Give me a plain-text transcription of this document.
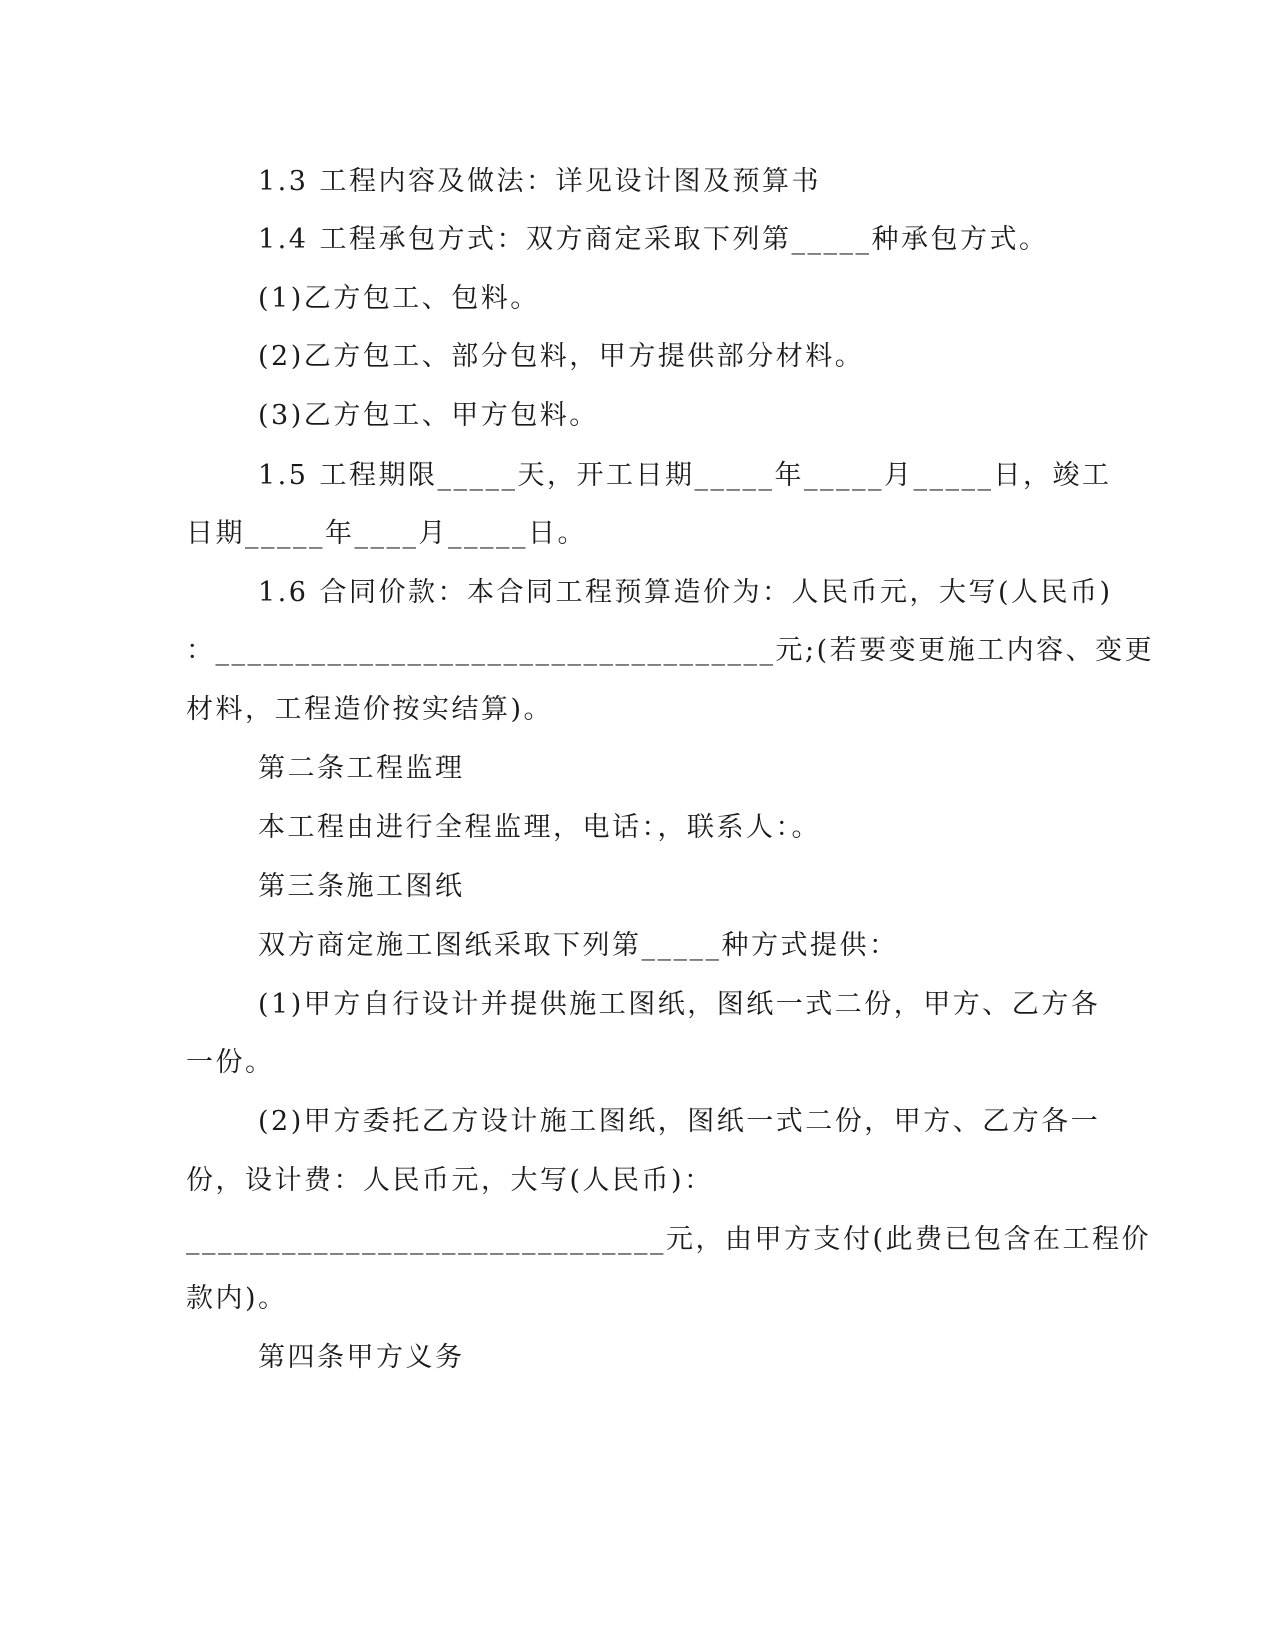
1.3 工程内容及做法：详见设计图及预算书
1.4 工程承包方式：双方商定采取下列第_____种承包方式。
(1)乙方包工、包料。
(2)乙方包工、部分包料，甲方提供部分材料。
(3)乙方包工、甲方包料。
1.5 工程期限_____天，开工日期_____年_____月_____日，竣工
日期_____年____月_____日。
1.6 合同价款：本合同工程预算造价为：人民币元，大写(人民币)
：___________________________________元;(若要变更施工内容、变更
材料，工程造价按实结算)。
第二条工程监理
本工程由进行全程监理，电话：，联系人：。
第三条施工图纸
双方商定施工图纸采取下列第_____种方式提供：
(1)甲方自行设计并提供施工图纸，图纸一式二份，甲方、乙方各
一份。
(2)甲方委托乙方设计施工图纸，图纸一式二份，甲方、乙方各一
份，设计费：人民币元，大写(人民币)：
______________________________元，由甲方支付(此费已包含在工程价
款内)。
第四条甲方义务
